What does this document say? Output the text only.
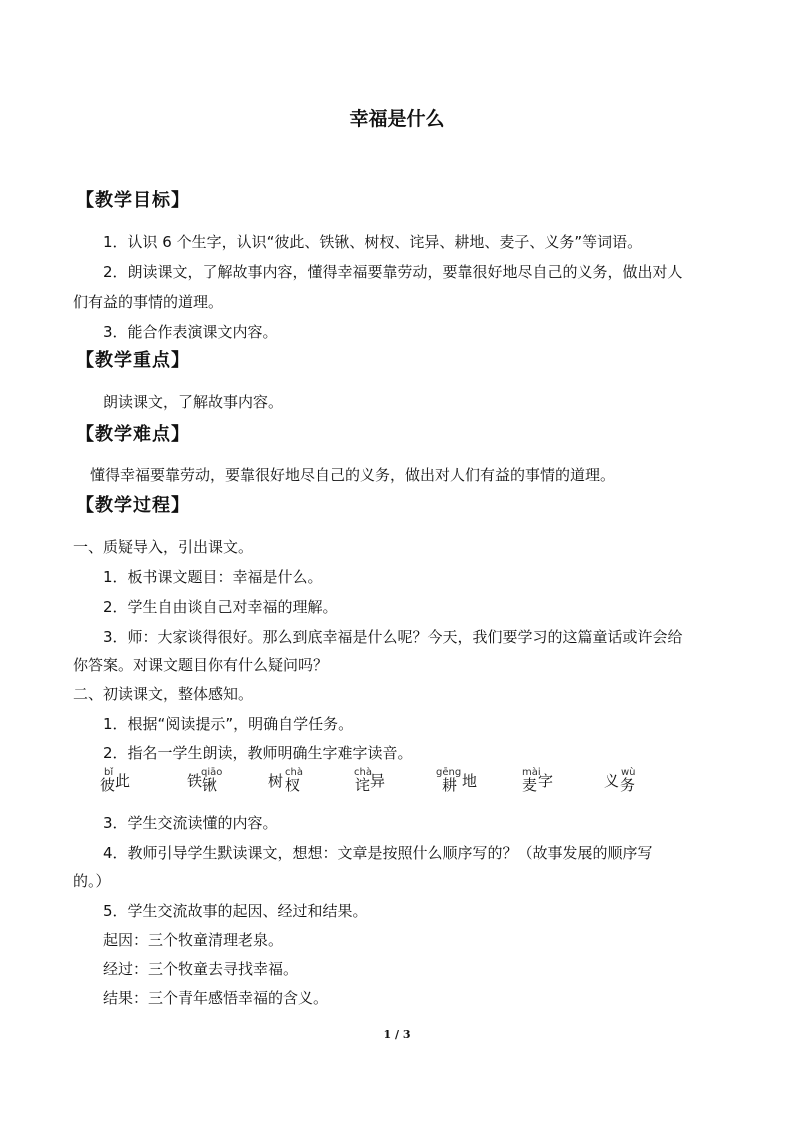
幸福是什么
【教学目标】
1．认识 6 个生字，认识“彼此、铁锹、树杈、诧异、耕地、麦子、义务”等词语。
2．朗读课文，了解故事内容，懂得幸福要靠劳动，要靠很好地尽自己的义务，做出对人
们有益的事情的道理。
3．能合作表演课文内容。
【教学重点】
朗读课文，了解故事内容。
【教学难点】
懂得幸福要靠劳动，要靠很好地尽自己的义务，做出对人们有益的事情的道理。
【教学过程】
一、质疑导入，引出课文。
1．板书课文题目：幸福是什么。
2．学生自由谈自己对幸福的理解。
3．师：大家谈得很好。那么到底幸福是什么呢？今天，我们要学习的这篇童话或许会给
你答案。对课文题目你有什么疑问吗？
二、初读课文，整体感知。
1．根据“阅读提示”，明确自学任务。
2．指名一学生朗读，教师明确生字难字读音。
bǐ
彼 此	铁
qiāo
锹	树 chà
杈
chà
诧 异	gēng
耕 地	mài
麦 字	义 wù
务
3．学生交流读懂的内容。
4．教师引导学生默读课文，想想：文章是按照什么顺序写的？（故事发展的顺序写
的。）
5．学生交流故事的起因、经过和结果。
起因：三个牧童清理老泉。
经过：三个牧童去寻找幸福。
结果：三个青年感悟幸福的含义。
1 / 3
